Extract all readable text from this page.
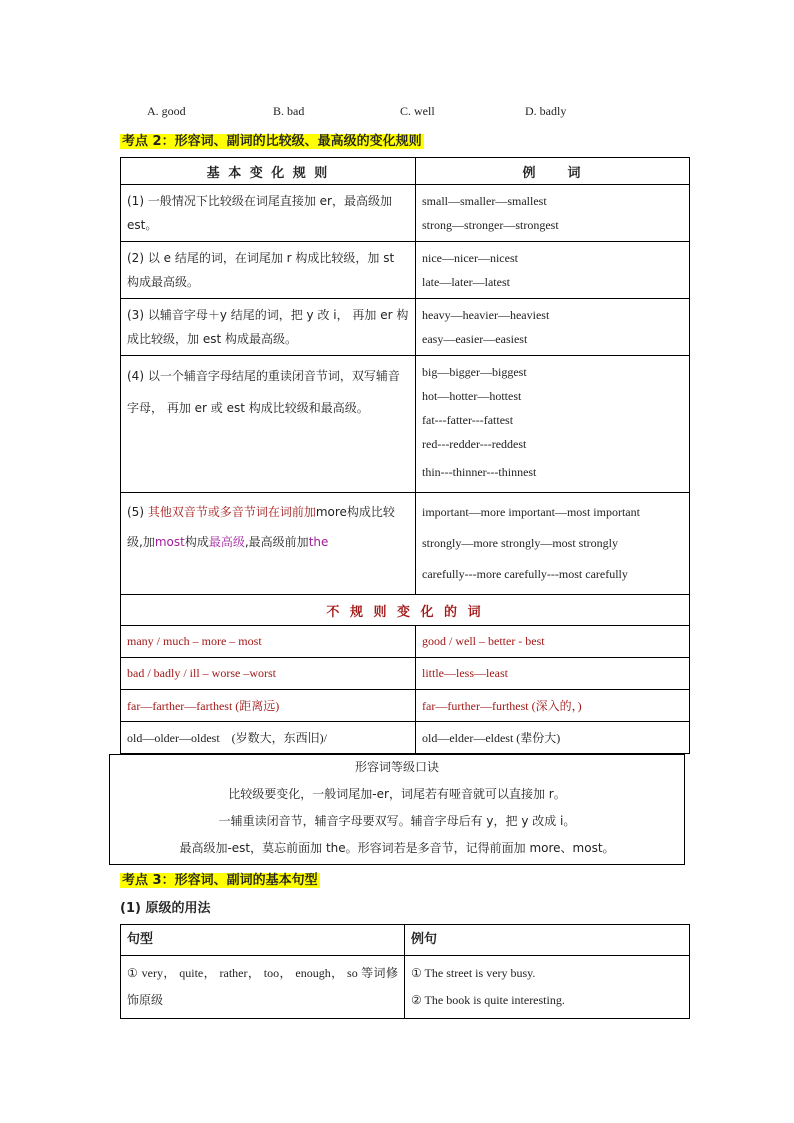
A. good	B. bad	C. well	D. badly
考点 2：形容词、副词的比较级、最高级的变化规则
基 本 变 化 规 则	例　　词
(1) 一般情况下比较级在词尾直接加 er，最高级加 est。	small—smaller—smallest
strong—stronger—strongest

(2) 以 e 结尾的词，在词尾加 r 构成比较级，加 st 构成最高级。	nice—nicer—nicest
late—later—latest

(3) 以辅音字母＋y 结尾的词，把 y 改 i， 再加 er 构成比较级，加 est 构成最高级。	heavy—heavier—heaviest
easy—easier—easiest

(4) 以一个辅音字母结尾的重读闭音节词，双写辅音字母， 再加 er 或 est 构成比较级和最高级。	big—bigger—biggest
hot—hotter—hottest
fat---fatter---fattest
red---redder---reddest
thin---thinner---thinnest

(5) 其他双音节或多音节词在词前加more构成比较级,加most构成最高级,最高级前加the	important—more important—most important
strongly—more strongly—most strongly
carefully---more carefully---most carefully

不 规 则 变 化 的 词	
many / much – more – most	good / well – better - best
bad / badly / ill – worse –worst	little—less—least
far—farther—farthest (距离远)	far—further—furthest (深入的，)
old—older—oldest　(岁数大，东西旧)/	old—elder—eldest (辈份大)
形容词等级口诀
比较级要变化，一般词尾加-er，词尾若有哑音就可以直接加 r。
一辅重读闭音节，辅音字母要双写。辅音字母后有 y，把 y 改成 i。
最高级加-est，莫忘前面加 the。形容词若是多音节，记得前面加 more、most。
考点 3：形容词、副词的基本句型
(1) 原级的用法
句型	例句
① very， quite， rather， too， enough， so 等词修饰原级	① The street is very busy.
② The book is quite interesting.
